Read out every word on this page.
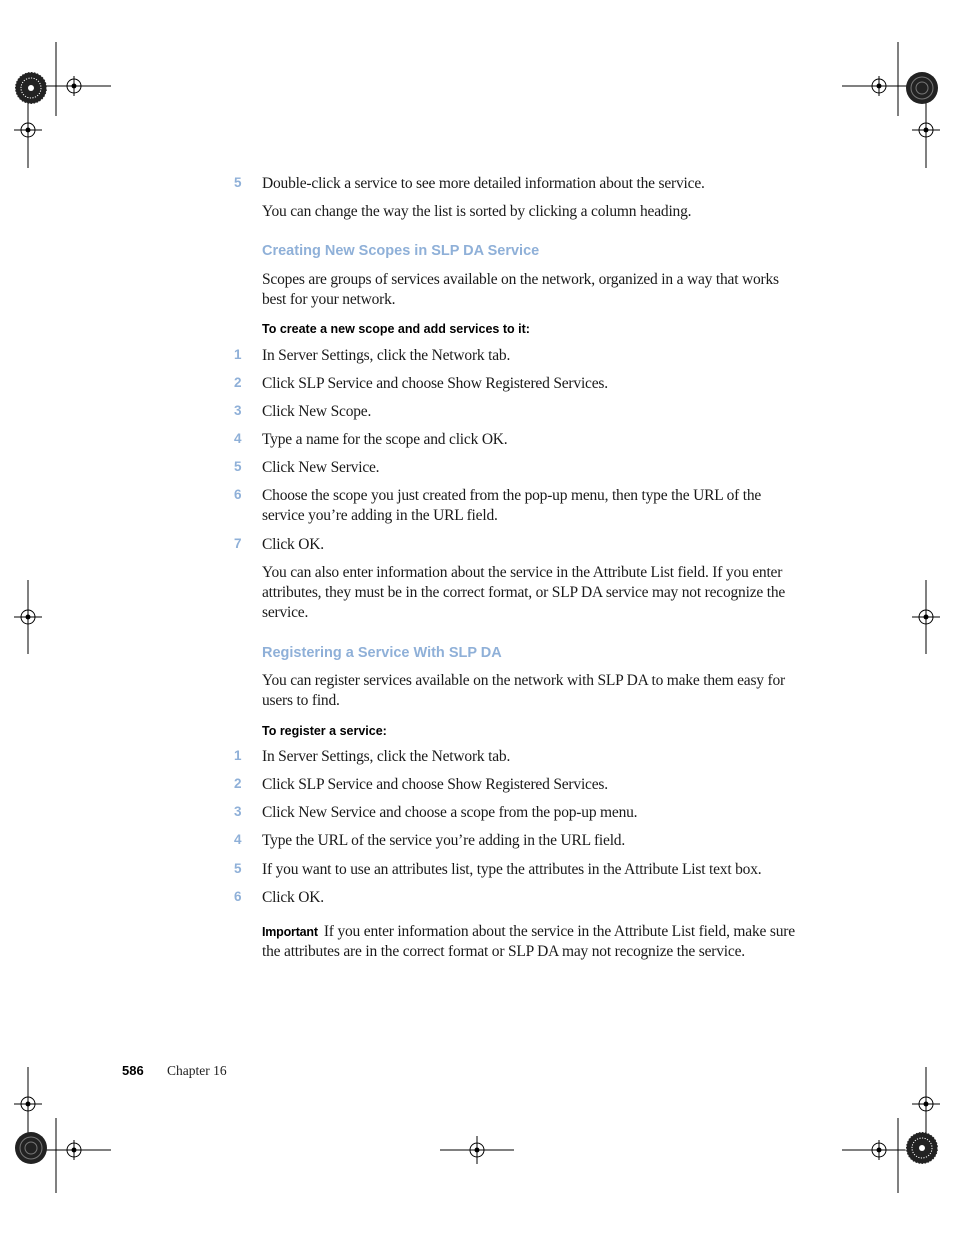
5 Double-click a service to see more detailed information about the service.
You can change the way the list is sorted by clicking a column heading.
Creating New Scopes in SLP DA Service
Scopes are groups of services available on the network, organized in a way that works best for your network.
To create a new scope and add services to it:
1 In Server Settings, click the Network tab.
2 Click SLP Service and choose Show Registered Services.
3 Click New Scope.
4 Type a name for the scope and click OK.
5 Click New Service.
6 Choose the scope you just created from the pop-up menu, then type the URL of the service you’re adding in the URL field.
7 Click OK.
You can also enter information about the service in the Attribute List field. If you enter attributes, they must be in the correct format, or SLP DA service may not recognize the service.
Registering a Service With SLP DA
You can register services available on the network with SLP DA to make them easy for users to find.
To register a service:
1 In Server Settings, click the Network tab.
2 Click SLP Service and choose Show Registered Services.
3 Click New Service and choose a scope from the pop-up menu.
4 Type the URL of the service you’re adding in the URL field.
5 If you want to use an attributes list, type the attributes in the Attribute List text box.
6 Click OK.
Important If you enter information about the service in the Attribute List field, make sure the attributes are in the correct format or SLP DA may not recognize the service.
586 Chapter 16
